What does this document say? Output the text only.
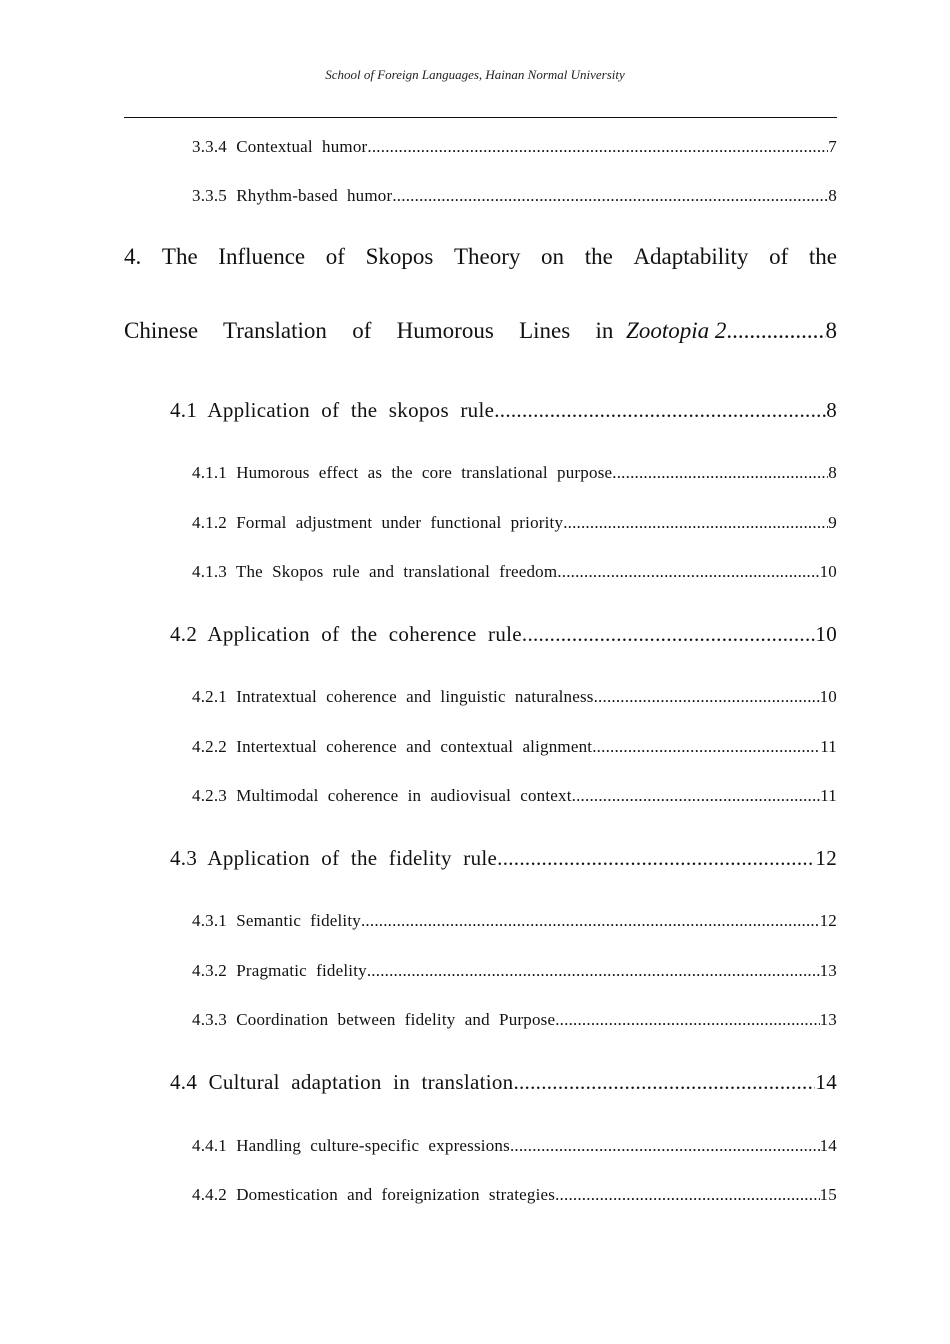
School of Foreign Languages, Hainan Normal University
3.3.4 Contextual humor .....	7
3.3.5 Rhythm-based humor .....	8
4. The Influence of Skopos Theory on the Adaptability of the
Chinese  Translation  of  Humorous  Lines  in Zootopia 2 .....	8
4.1 Application of the skopos rule .....	8
4.1.1 Humorous effect as the core translational purpose .....	8
4.1.2 Formal adjustment under functional priority .....	9
4.1.3 The Skopos rule and translational freedom .....	10
4.2 Application of the coherence rule .....	10
4.2.1 Intratextual coherence and linguistic naturalness .....	10
4.2.2 Intertextual coherence and contextual alignment .....	11
4.2.3 Multimodal coherence in audiovisual context .....	11
4.3 Application of the fidelity rule .....	12
4.3.1 Semantic fidelity .....	12
4.3.2 Pragmatic fidelity .....	13
4.3.3 Coordination between fidelity and Purpose .....	13
4.4 Cultural adaptation in translation .....	14
4.4.1 Handling culture-specific expressions .....	14
4.4.2 Domestication and foreignization strategies .....	15
